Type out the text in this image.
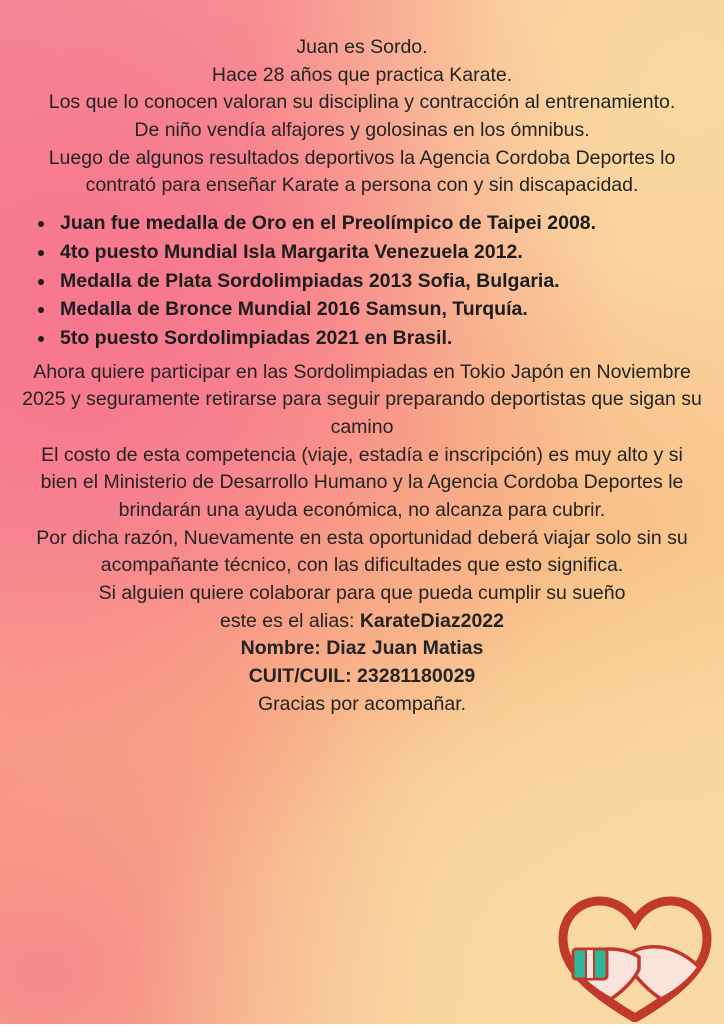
Juan es Sordo.

Hace 28 años que practica Karate.

Los que lo conocen valoran su disciplina y contracción al entrenamiento.

De niño vendía alfajores y golosinas en los ómnibus.

Luego de algunos resultados deportivos la Agencia Cordoba Deportes lo contrató para enseñar Karate a persona con y sin discapacidad.

• Juan fue medalla de Oro en el Preolímpico de Taipei 2008.
• 4to puesto Mundial Isla Margarita Venezuela 2012.
• Medalla de Plata Sordolimpiadas 2013 Sofia, Bulgaria.
• Medalla de Bronce Mundial 2016 Samsun, Turquía.
• 5to puesto Sordolimpiadas 2021 en Brasil.

Ahora quiere participar en las Sordolimpiadas en Tokio Japón en Noviembre 2025 y seguramente retirarse para seguir preparando deportistas que sigan su camino

El costo de esta competencia (viaje, estadía e inscripción) es muy alto y si bien el Ministerio de Desarrollo Humano y la Agencia Cordoba Deportes le brindarán una ayuda económica, no alcanza para cubrir.

Por dicha razón, Nuevamente en esta oportunidad deberá viajar solo sin su acompañante técnico, con las dificultades que esto significa.

Si alguien quiere colaborar para que pueda cumplir su sueño

este es el alias: KarateDiaz2022

Nombre: Diaz Juan Matias

CUIT/CUIL: 23281180029

Gracias por acompañar.
